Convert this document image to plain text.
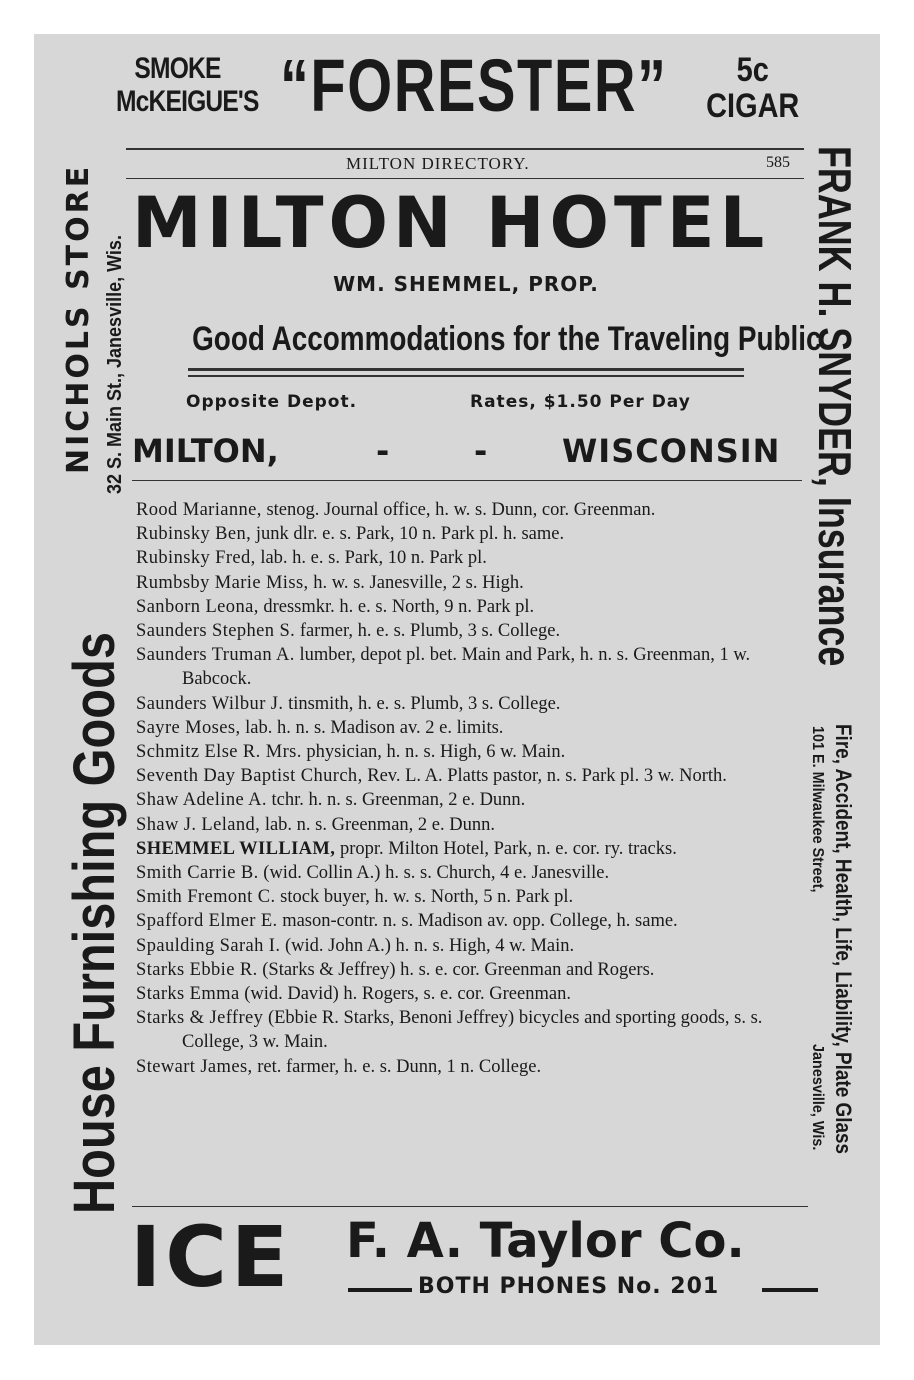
SMOKE
McKEIGUE'S “FORESTER”	5c
CIGAR
MILTON DIRECTORY.	585
MILTON HOTEL
WM. SHEMMEL, PROP.
Good Accommodations for the Traveling Public
Opposite Depot.	Rates, $1.50 Per Day
MILTON,	-	- WISCONSIN
Rood Marianne, stenog. Journal office, h. w. s. Dunn, cor. Greenman.
Rubinsky Ben, junk dlr. e. s. Park, 10 n. Park pl. h. same.
Rubinsky Fred, lab. h. e. s. Park, 10 n. Park pl.
Rumbsby Marie Miss, h. w. s. Janesville, 2 s. High.
Sanborn Leona, dressmkr. h. e. s. North, 9 n. Park pl.
Saunders Stephen S. farmer, h. e. s. Plumb, 3 s. College.
Saunders Truman A. lumber, depot pl. bet. Main and Park, h. n. s. Greenman, 1 w. Babcock.
Saunders Wilbur J. tinsmith, h. e. s. Plumb, 3 s. College.
Sayre Moses, lab. h. n. s. Madison av. 2 e. limits.
Schmitz Else R. Mrs. physician, h. n. s. High, 6 w. Main.
Seventh Day Baptist Church, Rev. L. A. Platts pastor, n. s. Park pl. 3 w. North.
Shaw Adeline A. tchr. h. n. s. Greenman, 2 e. Dunn.
Shaw J. Leland, lab. n. s. Greenman, 2 e. Dunn.
SHEMMEL WILLIAM, propr. Milton Hotel, Park, n. e. cor. ry. tracks.
Smith Carrie B. (wid. Collin A.) h. s. s. Church, 4 e. Janesville.
Smith Fremont C. stock buyer, h. w. s. North, 5 n. Park pl.
Spafford Elmer E. mason-contr. n. s. Madison av. opp. College, h. same.
Spaulding Sarah I. (wid. John A.) h. n. s. High, 4 w. Main.
Starks Ebbie R. (Starks & Jeffrey) h. s. e. cor. Greenman and Rogers.
Starks Emma (wid. David) h. Rogers, s. e. cor. Greenman.
Starks & Jeffrey (Ebbie R. Starks, Benoni Jeffrey) bicycles and sporting goods, s. s. College, 3 w. Main.
Stewart James, ret. farmer, h. e. s. Dunn, 1 n. College.
House Furnishing Goods
NICHOLS STORE 32 S. Main St., Janesville, Wis.	FRANK H. SNYDER, Insurance
Fire, Accident, Health, Life, Liability, Plate Glass
101 E. Milwaukee Street,
Janesville, Wis.
ICE F. A. Taylor Co.
BOTH PHONES No. 201
